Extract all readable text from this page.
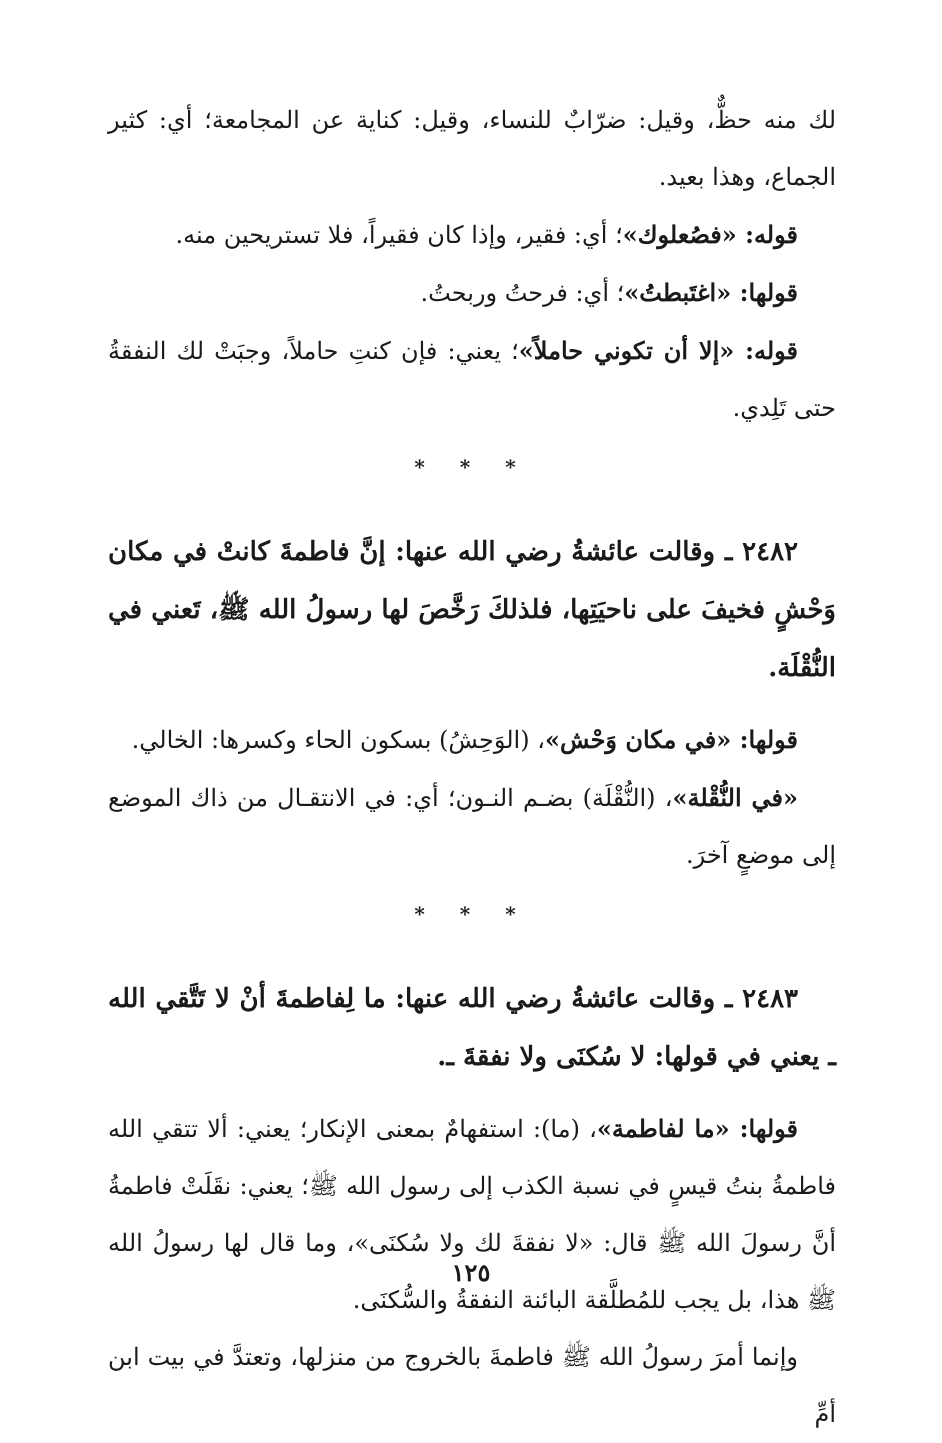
لك منه حظٌّ، وقيل: ضرّابٌ للنساء، وقيل: كناية عن المجامعة؛ أي: كثير الجماع، وهذا بعيد.

قوله: «فصُعلوك»؛ أي: فقير، وإذا كان فقيراً، فلا تستريحين منه.

قولها: «اغتَبطتُ»؛ أي: فرحتُ وربحتُ.

قوله: «إلا أن تكوني حاملاً»؛ يعني: فإن كنتِ حاملاً، وجبَتْ لك النفقةُ حتى تَلِدي.

* * *

٢٤٨٢ ـ وقالت عائشةُ رضي الله عنها: إنَّ فاطمةَ كانتْ في مكان وَحْشٍ فخيفَ على ناحيَتِها، فلذلكَ رَخَّصَ لها رسولُ الله ﷺ، تَعني في النُّقْلَة.

قولها: «في مكان وَحْش»، (الوَحِشُ) بسكون الحاء وكسرها: الخالي.

«في النُّقْلة»، (النُّقْلَة) بضـم النـون؛ أي: في الانتقـال من ذاك الموضع إلى موضعٍ آخرَ.

* * *

٢٤٨٣ ـ وقالت عائشةُ رضي الله عنها: ما لِفاطمةَ أنْ لا تَتَّقي الله ـ يعني في قولها: لا سُكنَى ولا نفقةَ ـ.

قولها: «ما لفاطمة»، (ما): استفهامٌ بمعنى الإنكار؛ يعني: ألا تتقي الله فاطمةُ بنتُ قيسٍ في نسبة الكذب إلى رسول الله ﷺ؛ يعني: نقَلَتْ فاطمةُ أنَّ رسولَ الله ﷺ قال: «لا نفقةَ لك ولا سُكنَى»، وما قال لها رسولُ الله ﷺ هذا، بل يجب للمُطلَّقة البائنة النفقةُ والسُّكنَى.

وإنما أمرَ رسولُ الله ﷺ فاطمةَ بالخروج من منزلها، وتعتدَّ في بيت ابن أمِّ

١٢٥
